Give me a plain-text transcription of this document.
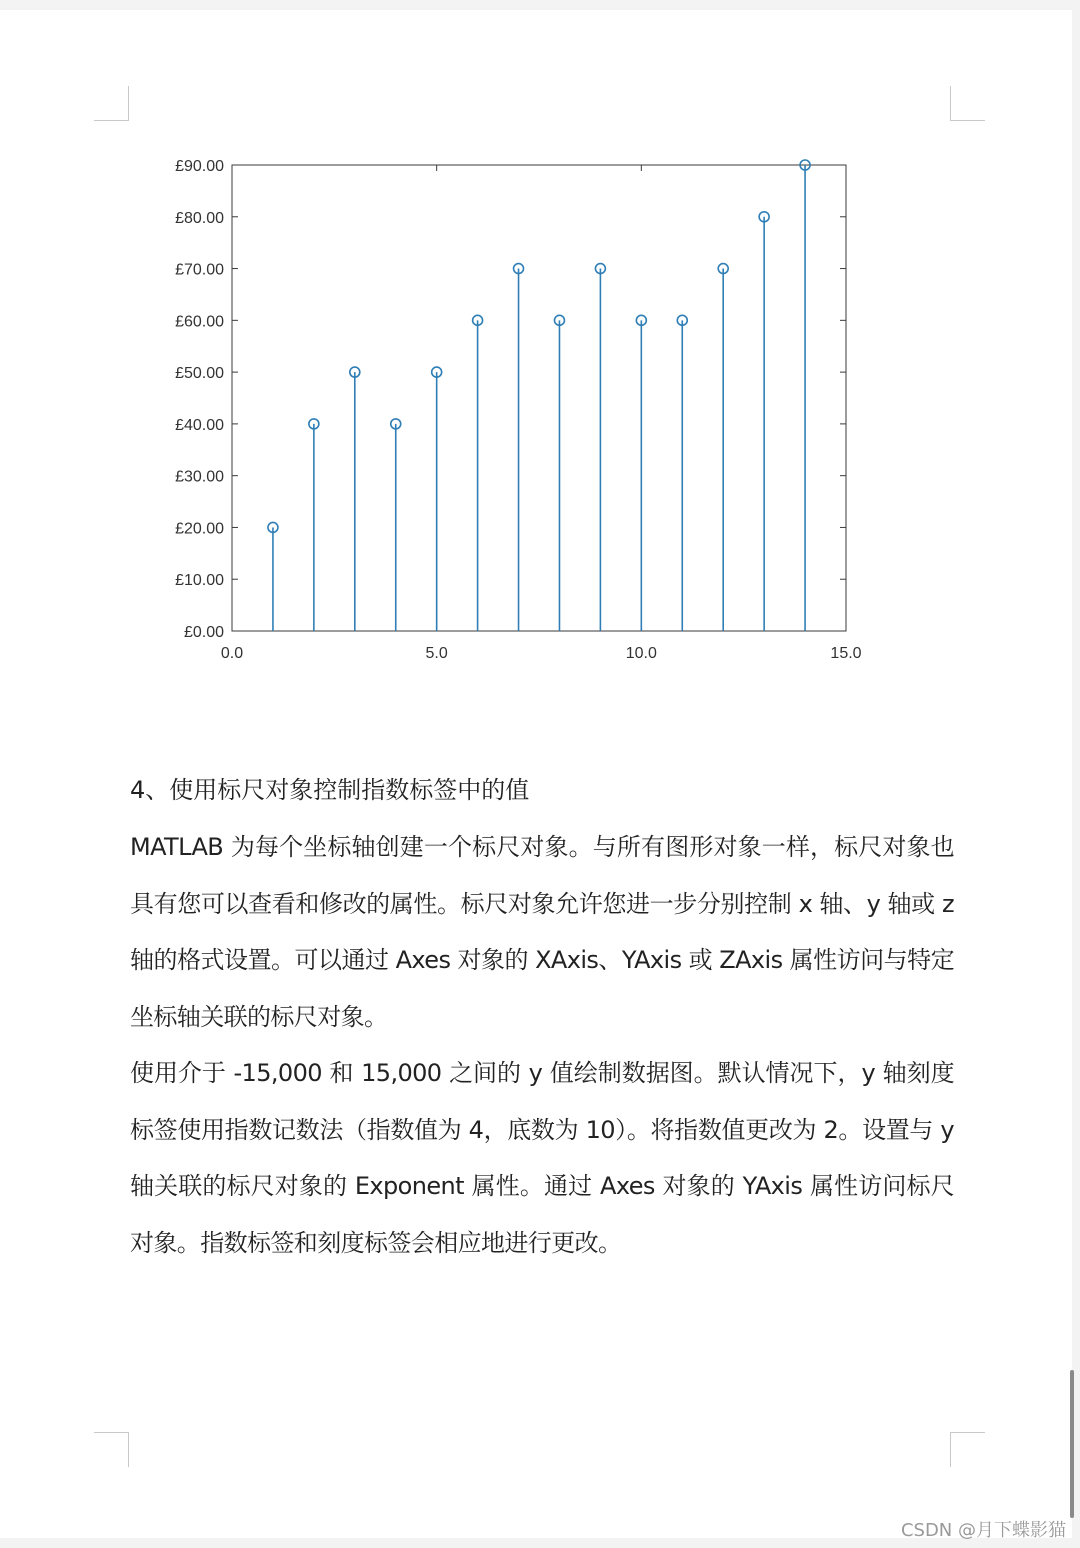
£0.00
£10.00
£20.00
£30.00
£40.00
£50.00
£60.00
£70.00
£80.00
£90.00
0.0	5.0	10.0	15.0
4、使用标尺对象控制指数标签中的值

MATLAB 为每个坐标轴创建一个标尺对象。与所有图形对象一样，标尺对象也具有您可以查看和修改的属性。标尺对象允许您进一步分别控制 x 轴、y 轴或 z 轴的格式设置。可以通过 Axes 对象的 XAxis、YAxis 或 ZAxis 属性访问与特定坐标轴关联的标尺对象。

使用介于 -15,000 和 15,000 之间的 y 值绘制数据图。默认情况下，y 轴刻度标签使用指数记数法（指数值为 4，底数为 10）。将指数值更改为 2。设置与 y 轴关联的标尺对象的 Exponent 属性。通过 Axes 对象的 YAxis 属性访问标尺对象。指数标签和刻度标签会相应地进行更改。

CSDN @月下蝶影猫
